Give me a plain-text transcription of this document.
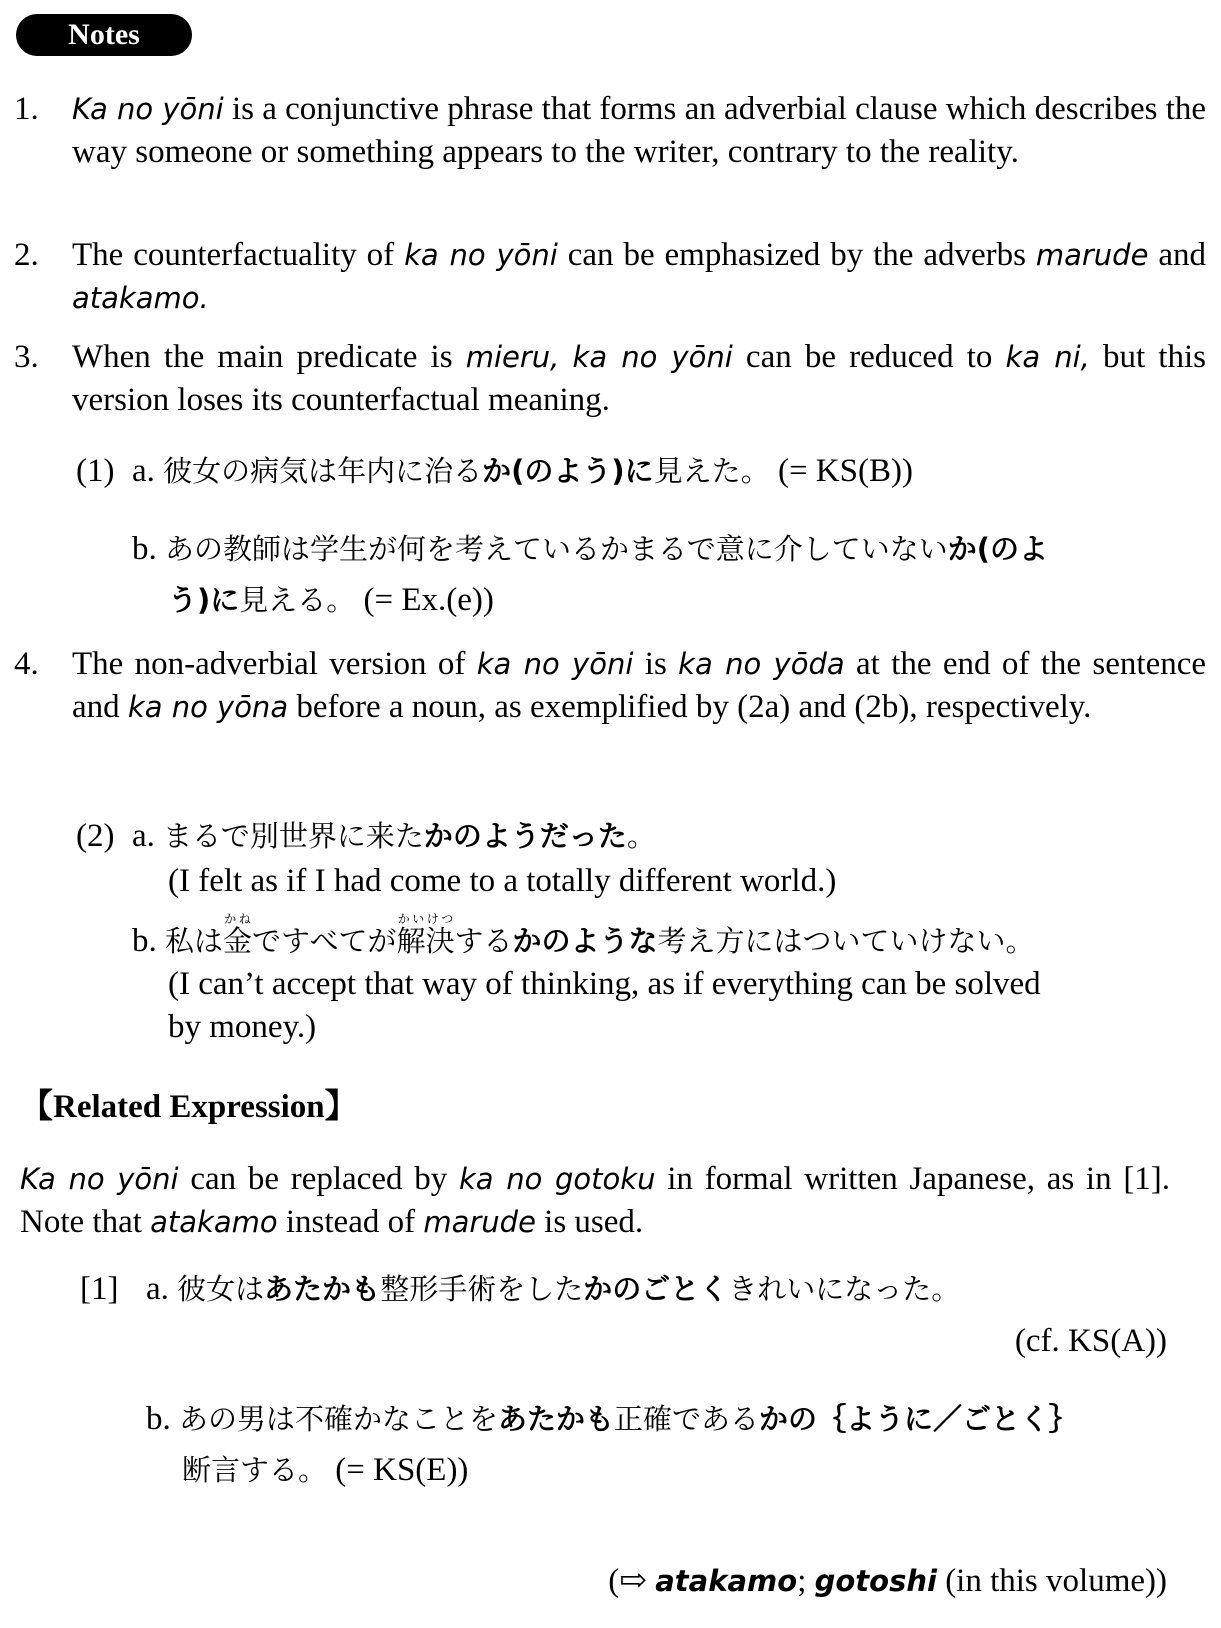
Notes
1.	Ka no yōni is a conjunctive phrase that forms an adverbial clause which describes the way someone or something appears to the writer, contrary to the reality.
2.	The counterfactuality of ka no yōni can be emphasized by the adverbs marude and atakamo.
3.	When the main predicate is mieru, ka no yōni can be reduced to ka ni, but this version loses its counterfactual meaning.
(1) a. 彼女の病気は年内に治るか(のよう)に見えた。 (= KS(B))
b. あの教師は学生が何を考えているかまるで意に介していないか(のよ
う)に見える。 (= Ex.(e))
4.	The non-adverbial version of ka no yōni is ka no yōda at the end of the sentence and ka no yōna before a noun, as exemplified by (2a) and (2b), respectively.
(2) a. まるで別世界に来たかのようだった。
(I felt as if I had come to a totally different world.)
b. 私は金かねですべてが解決かいけつするかのような考え方にはついていけない。
(I can’t accept that way of thinking, as if everything can be solved
by money.)
【Related Expression】
Ka no yōni can be replaced by ka no gotoku in formal written Japanese, as in [1]. Note that atakamo instead of marude is used.
[1] a. 彼女はあたかも整形手術をしたかのごとくきれいになった。
(cf. KS(A))
b. あの男は不確かなことをあたかも正確であるかの｛ように／ごとく｝
断言する。 (= KS(E))
(⇨ atakamo; gotoshi (in this volume))
